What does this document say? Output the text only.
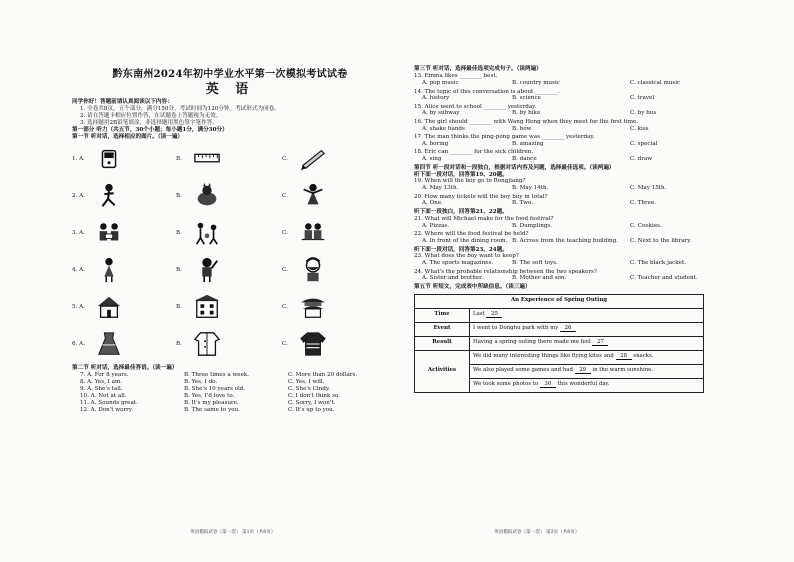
黔东南州2024年初中学业水平第一次模拟考试试卷
英 语
同学你好！答题前请认真阅读以下内容：
1. 全卷共8页，五个部分，满分150分，考试时间为120分钟。考试形式为闭卷。
2. 请在答题卡相应位置作答，在试题卷上答题视为无效。
3. 选择题用2B铅笔填涂，非选择题用黑色签字笔作答。
第一部分 听力（共五节，30个小题；每小题1分，满分30分）
第一节 听对话，选择相应的图片。（读一遍）
1. A.	B.	C.
2. A.	B.	C.
3. A.	B.	C.
4. A.	B.	C.
5. A.	B.	C.
6. A.	B.	C.
第二节 听对话，选择最佳答语。（读一遍）
7. A. For 8 years.	B. Three times a week.	C. More than 20 dollars.
8. A. Yes, I am.	B. Yes, I do.	C. Yes, I will.
9. A. She's tall.	B. She's 10 years old.	C. She's Cindy.
10. A. Not at all.	B. Yes, I'd love to.	C. I don't think so.
11. A. Sounds great.	B. It's my pleasure.	C. Sorry, I won't.
12. A. Don't worry.	B. The same to you.	C. It's up to you.
英语模拟试卷（第一次） 第1页（共8页）
第三节 听对话，选择最佳选项完成句子。（读两遍）
13. Emma likes ________ best.
A. pop music	B. country music	C. classical music
14. The topic of this conversation is about ________.
A. history	B. science	C. travel
15. Alice went to school ________ yesterday.
A. by subway	B. by bike	C. by bus
16. The girl should ________ with Wang Hong when they meet for the first time.
A. shake hands	B. bow	C. kiss
17. The man thinks the ping-pong game was ________ yesterday.
A. boring	B. amazing	C. special
18. Eric can ________ for the sick children.
A. sing	B. dance	C. draw
第四节 听一段对话和一段独白，根据对话内容及问题，选择最佳选项。（读两遍）
听下面一段对话，回答第19、20题。
19. When will the boy go to Rongjiang?
A. May 13th.	B. May 14th.	C. May 15th.
20. How many tickets will the boy buy in total?
A. One.	B. Two.	C. Three.
听下面一段独白，回答第21、22题。
21. What will Michael make for the food festival?
A. Pizzas.	B. Dumplings.	C. Cookies.
22. Where will the food festival be held?
A. In front of the dining room. B. Across from the teaching building. C. Next to the library.
听下面一段对话，回答第23、24题。
23. What does the boy want to keep?
A. The sports magazines.	B. The soft toys.	C. The black jacket.
24. What's the probable relationship between the two speakers?
A. Sister and brother.	B. Mother and son.	C. Teacher and student.
第五节 听短文，完成表中所缺信息。（读三遍）
An Experience of Spring Outing	
Time	Last 25
Event	I went to Donghu park with my 26
Result	Having a spring outing there made me feel 27
Activities	We did many interesting things like flying kites and 28 snacks.
	We also played some games and had 29 in the warm sunshine.
	We took some photos to 30 this wonderful day.
英语模拟试卷（第一次） 第2页（共8页）
